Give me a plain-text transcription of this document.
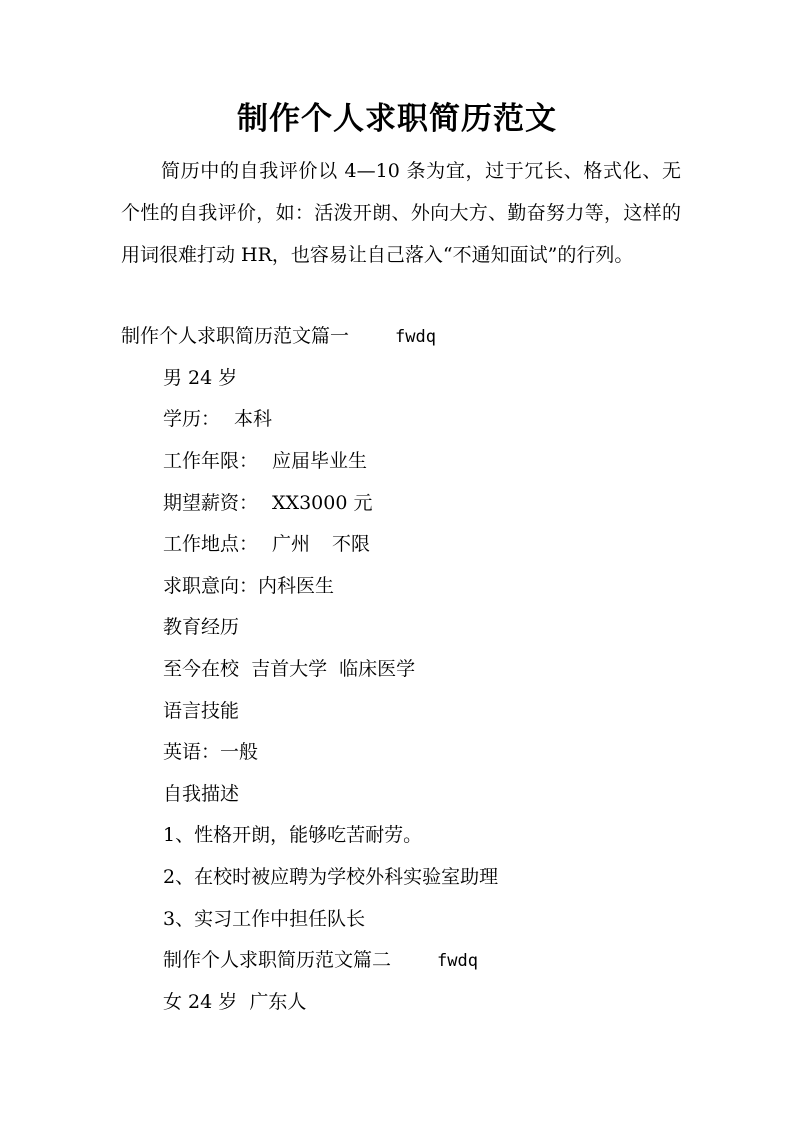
制作个人求职简历范文
简历中的自我评价以 4—10 条为宜，过于冗长、格式化、无个性的自我评价，如：活泼开朗、外向大方、勤奋努力等，这样的用词很难打动 HR，也容易让自己落入“不通知面试”的行列。
制作个人求职简历范文篇一	fwdq
男 24 岁
学历： 本科
工作年限： 应届毕业生
期望薪资： XX3000 元
工作地点： 广州 不限
求职意向：内科医生
教育经历
至今在校  吉首大学  临床医学
语言技能
英语：一般
自我描述
1、性格开朗，能够吃苦耐劳。
2、在校时被应聘为学校外科实验室助理
3、实习工作中担任队长
制作个人求职简历范文篇二	fwdq
女 24 岁  广东人
